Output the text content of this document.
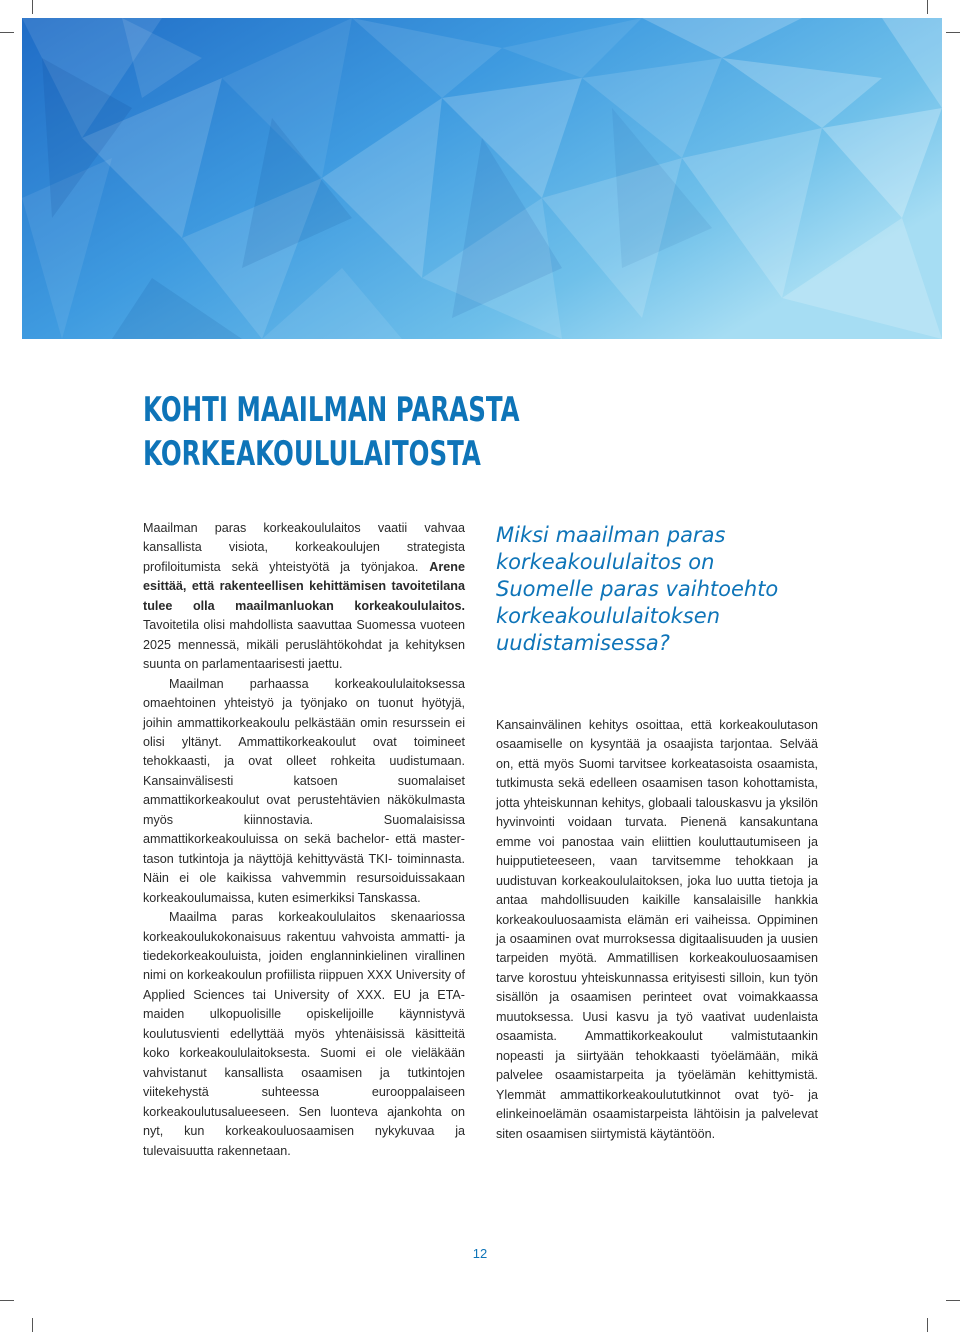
KOHTI MAAILMAN PARASTA
KORKEAKOULULAITOSTA

Maailman paras korkeakoululaitos vaatii vahvaa kansallista visiota, korkeakoulujen strategista profiloitumista sekä yhteistyötä ja työnjakoa. Arene esittää, että rakenteellisen kehittämisen tavoitetilana tulee olla maailmanluokan korkeakoululaitos. Tavoitetila olisi mahdollista saavuttaa Suomessa vuoteen 2025 mennessä, mikäli peruslähtökohdat ja kehityksen suunta on parlamentaarisesti jaettu.

Maailman parhaassa korkeakoululaitoksessa omaehtoinen yhteistyö ja työnjako on tuonut hyötyjä, joihin ammattikorkeakoulu pelkästään omin resurssein ei olisi yltänyt. Ammattikorkeakoulut ovat toimineet tehokkaasti, ja ovat olleet rohkeita uudistumaan. Kansainvälisesti katsoen suomalaiset ammattikorkeakoulut ovat perustehtävien näkökulmasta myös kiinnostavia. Suomalaisissa ammattikorkeakouluissa on sekä bachelor- että master-tason tutkintoja ja näyttöjä kehittyvästä TKI- toiminnasta. Näin ei ole kaikissa vahvemmin resursoiduissakaan korkeakoulumaissa, kuten esimerkiksi Tanskassa.

Maailma paras korkeakoululaitos skenaariossa korkeakoulukokonaisuus rakentuu vahvoista ammatti- ja tiedekorkeakouluista, joiden englanninkielinen virallinen nimi on korkeakoulun profiilista riippuen XXX University of Applied Sciences tai University of XXX. EU ja ETA- maiden ulkopuolisille opiskelijoille käynnistyvä koulutusvienti edellyttää myös yhtenäisissä käsitteitä koko korkeakoululaitoksesta. Suomi ei ole vieläkään vahvistanut kansallista osaamisen ja tutkintojen viitekehystä suhteessa eurooppalaiseen korkeakoulutusalueeseen. Sen luonteva ajankohta on nyt, kun korkeakouluosaamisen nykykuvaa ja tulevaisuutta rakennetaan.

Miksi maailman paras
korkeakoululaitos on
Suomelle paras vaihtoehto
korkeakoululaitoksen
uudistamisessa?

Kansainvälinen kehitys osoittaa, että korkeakoulutason osaamiselle on kysyntää ja osaajista tarjontaa. Selvää on, että myös Suomi tarvitsee korkeatasoista osaamista, tutkimusta sekä edelleen osaamisen tason kohottamista, jotta yhteiskunnan kehitys, globaali talouskasvu ja yksilön hyvinvointi voidaan turvata. Pienenä kansakuntana emme voi panostaa vain eliittien kouluttautumiseen ja huipputieteeseen, vaan tarvitsemme tehokkaan ja uudistuvan korkeakoululaitoksen, joka luo uutta tietoja ja antaa mahdollisuuden kaikille kansalaisille hankkia korkeakouluosaamista elämän eri vaiheissa. Oppiminen ja osaaminen ovat murroksessa digitaalisuuden ja uusien tarpeiden myötä. Ammatillisen korkeakouluosaamisen tarve korostuu yhteiskunnassa erityisesti silloin, kun työn sisällön ja osaamisen perinteet ovat voimakkaassa muutoksessa. Uusi kasvu ja työ vaativat uudenlaista osaamista. Ammattikorkeakoulut valmistutaankin nopeasti ja siirtyään tehokkaasti työelämään, mikä palvelee osaamistarpeita ja työelämän kehittymistä. Ylemmät ammattikorkeakoulututkinnot ovat työ- ja elinkeinoelämän osaamistarpeista lähtöisin ja palvelevat siten osaamisen siirtymistä käytäntöön.

12
